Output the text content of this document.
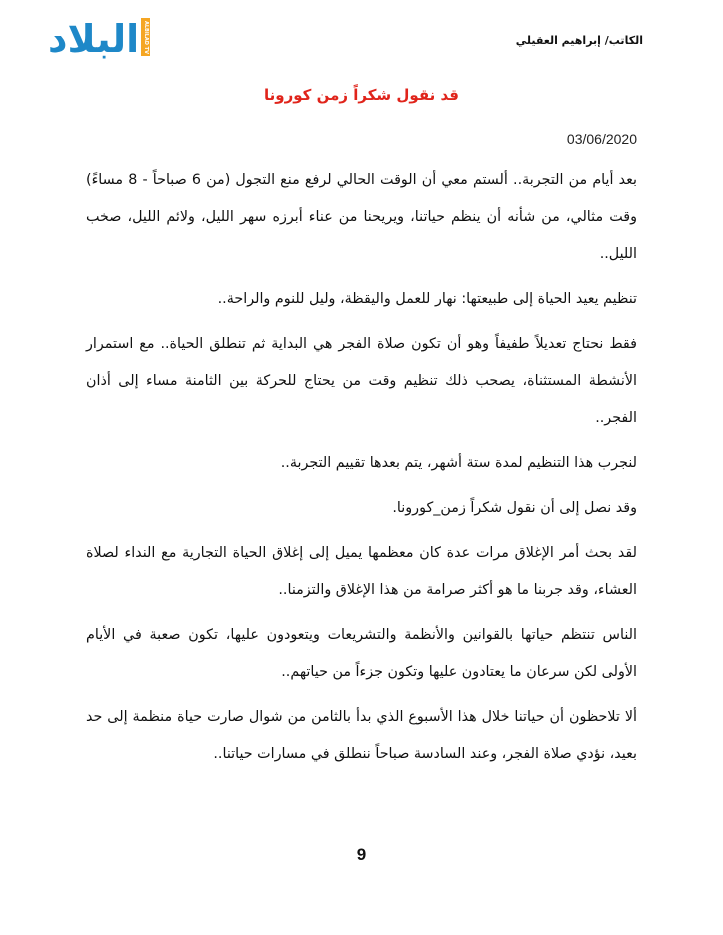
البلاد ALBILAD TV	الكاتب/ إبراهيم العقيلي
قد نقول شكراً زمن كورونا
03/06/2020

بعد أيام من التجربة.. ألستم معي أن الوقت الحالي لرفع منع التجول (من 6 صباحاً - 8 مساءً) وقت مثالي، من شأنه أن ينظم حياتنا، ويريحنا من عناء أبرزه سهر الليل، ولائم الليل، صخب الليل..

تنظيم يعيد الحياة إلى طبيعتها: نهار للعمل واليقظة، وليل للنوم والراحة..

فقط نحتاج تعديلاً طفيفاً وهو أن تكون صلاة الفجر هي البداية ثم تنطلق الحياة.. مع استمرار الأنشطة المستثناة، يصحب ذلك تنظيم وقت من يحتاج للحركة بين الثامنة مساء إلى أذان الفجر..

لنجرب هذا التنظيم لمدة ستة أشهر، يتم بعدها تقييم التجربة..

وقد نصل إلى أن نقول شكراً زمن_كورونا.

لقد بحث أمر الإغلاق مرات عدة كان معظمها يميل إلى إغلاق الحياة التجارية مع النداء لصلاة العشاء، وقد جربنا ما هو أكثر صرامة من هذا الإغلاق والتزمنا..

الناس تنتظم حياتها بالقوانين والأنظمة والتشريعات ويتعودون عليها، تكون صعبة في الأيام الأولى لكن سرعان ما يعتادون عليها وتكون جزءاً من حياتهم..

ألا تلاحظون أن حياتنا خلال هذا الأسبوع الذي بدأ بالثامن من شوال صارت حياة منظمة إلى حد بعيد، نؤدي صلاة الفجر، وعند السادسة صباحاً ننطلق في مسارات حياتنا..

9
